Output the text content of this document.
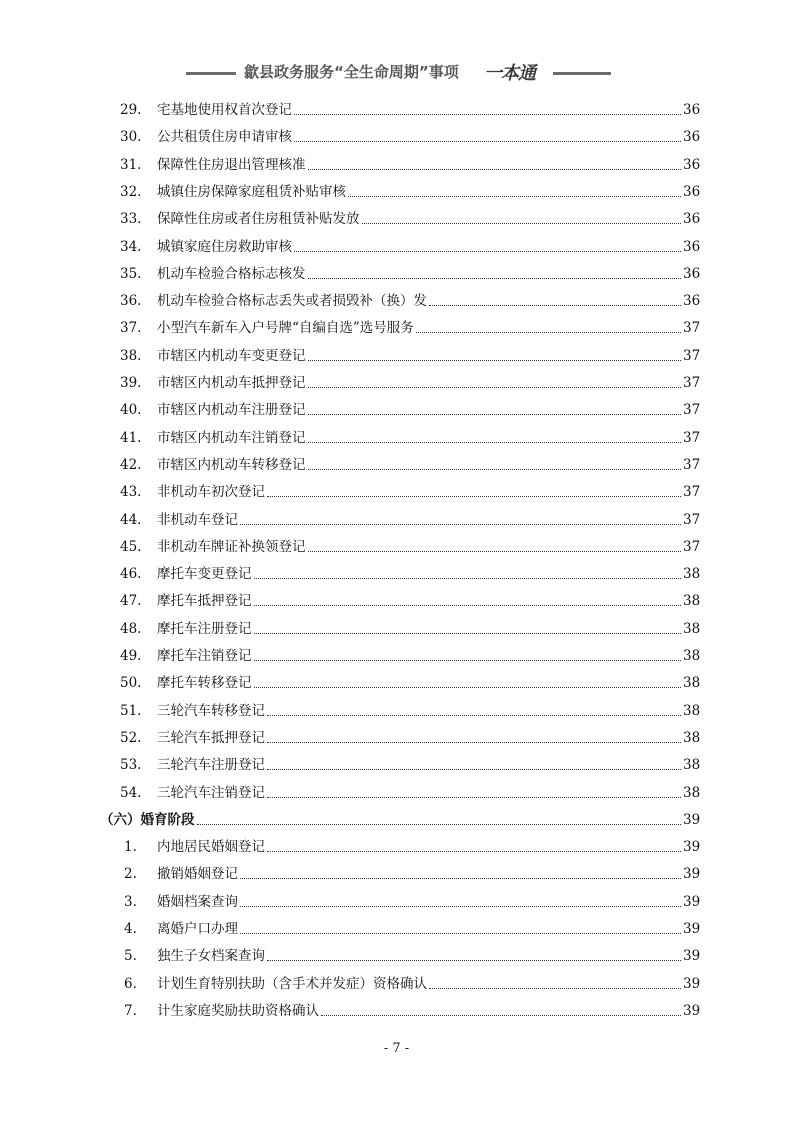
歙县政务服务“全生命周期”事项 一本通
29. 宅基地使用权首次登记	36
30. 公共租赁住房申请审核	36
31. 保障性住房退出管理核准	36
32. 城镇住房保障家庭租赁补贴审核	36
33. 保障性住房或者住房租赁补贴发放	36
34. 城镇家庭住房救助审核	36
35. 机动车检验合格标志核发	36
36. 机动车检验合格标志丢失或者损毁补（换）发	36
37. 小型汽车新车入户号牌“自编自选”选号服务	37
38. 市辖区内机动车变更登记	37
39. 市辖区内机动车抵押登记	37
40. 市辖区内机动车注册登记	37
41. 市辖区内机动车注销登记	37
42. 市辖区内机动车转移登记	37
43. 非机动车初次登记	37
44. 非机动车登记	37
45. 非机动车牌证补换领登记	37
46. 摩托车变更登记	38
47. 摩托车抵押登记	38
48. 摩托车注册登记	38
49. 摩托车注销登记	38
50. 摩托车转移登记	38
51. 三轮汽车转移登记	38
52. 三轮汽车抵押登记	38
53. 三轮汽车注册登记	38
54. 三轮汽车注销登记	38
（六）婚育阶段	39
1. 内地居民婚姻登记	39
2. 撤销婚姻登记	39
3. 婚姻档案查询	39
4. 离婚户口办理	39
5. 独生子女档案查询	39
6. 计划生育特别扶助（含手术并发症）资格确认	39
7. 计生家庭奖励扶助资格确认	39
- 7 -
